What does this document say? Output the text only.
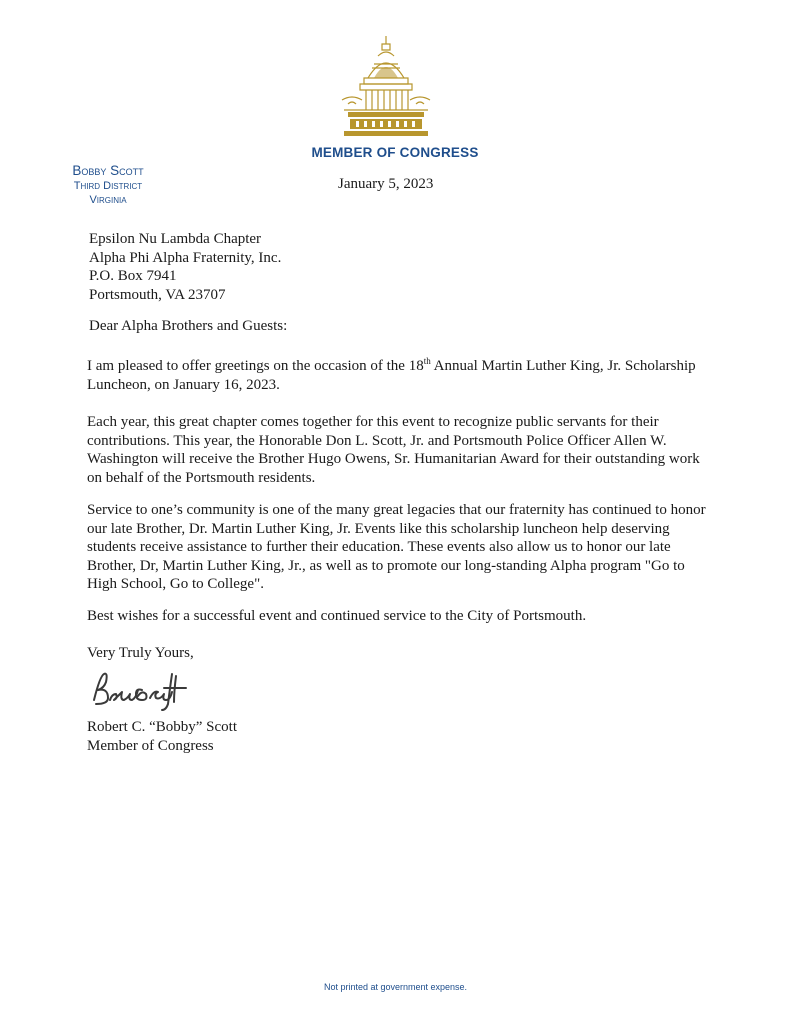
MEMBER OF CONGRESS
Bobby Scott
Third District
Virginia
January 5, 2023
Epsilon Nu Lambda Chapter
Alpha Phi Alpha Fraternity, Inc.
P.O. Box 7941
Portsmouth, VA 23707
Dear Alpha Brothers and Guests:

I am pleased to offer greetings on the occasion of the 18th Annual Martin Luther King, Jr. Scholarship Luncheon, on January 16, 2023.

Each year, this great chapter comes together for this event to recognize public servants for their contributions. This year, the Honorable Don L. Scott, Jr. and Portsmouth Police Officer Allen W. Washington will receive the Brother Hugo Owens, Sr. Humanitarian Award for their outstanding work on behalf of the Portsmouth residents.

Service to one’s community is one of the many great legacies that our fraternity has continued to honor our late Brother, Dr. Martin Luther King, Jr. Events like this scholarship luncheon help deserving students receive assistance to further their education. These events also allow us to honor our late Brother, Dr, Martin Luther King, Jr., as well as to promote our long-standing Alpha program "Go to High School, Go to College".

Best wishes for a successful event and continued service to the City of Portsmouth.

Very Truly Yours,
Robert C. “Bobby” Scott
Member of Congress
Not printed at government expense.
